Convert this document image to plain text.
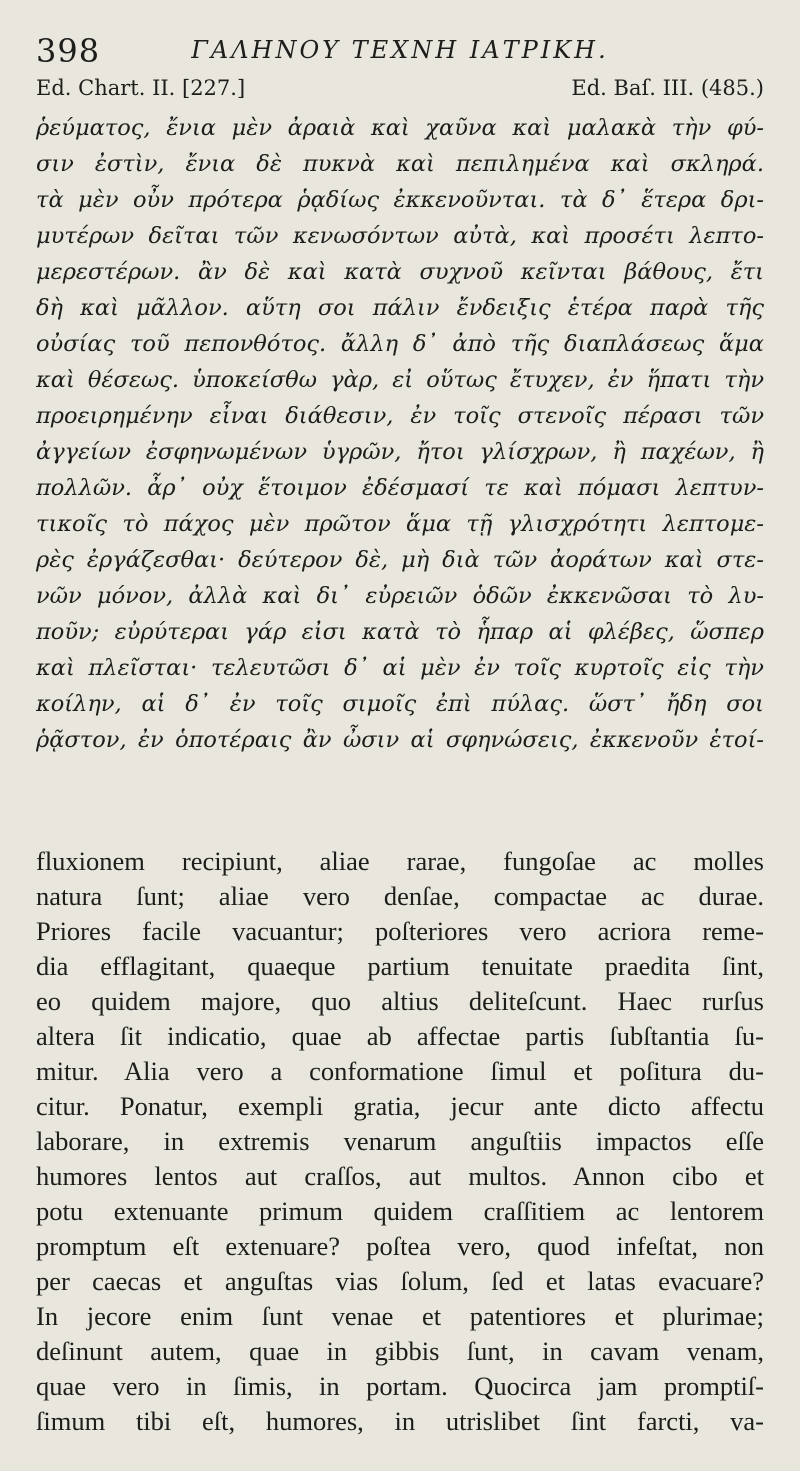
398	ΓΑΛΗΝΟΥ ΤΕΧΝΗ ΙΑΤΡΙΚΗ.
Ed. Chart. II. [227.]	Ed. Baſ. III. (485.)
ῥεύματος, ἔνια μὲν ἀραιὰ καὶ χαῦνα καὶ μαλακὰ τὴν φύ-
σιν ἐστὶν, ἔνια δὲ πυκνὰ καὶ πεπιλημένα καὶ σκληρά.
τὰ μὲν οὖν πρότερα ῥᾳδίως ἐκκενοῦνται. τὰ δ᾽ ἕτερα δρι-
μυτέρων δεῖται τῶν κενωσόντων αὐτὰ, καὶ προσέτι λεπτο-
μερεστέρων. ἂν δὲ καὶ κατὰ συχνοῦ κεῖνται βάθους, ἔτι
δὴ καὶ μᾶλλον. αὕτη σοι πάλιν ἔνδειξις ἑτέρα παρὰ τῆς
οὐσίας τοῦ πεπονθότος. ἄλλη δ᾽ ἀπὸ τῆς διαπλάσεως ἅμα
καὶ θέσεως. ὑποκείσθω γὰρ, εἰ οὕτως ἔτυχεν, ἐν ἥπατι τὴν
προειρημένην εἶναι διάθεσιν, ἐν τοῖς στενοῖς πέρασι τῶν
ἀγγείων ἐσφηνωμένων ὑγρῶν, ἤτοι γλίσχρων, ἢ παχέων, ἢ
πολλῶν. ἆρ᾽ οὐχ ἕτοιμον ἐδέσμασί τε καὶ πόμασι λεπτυν-
τικοῖς τὸ πάχος μὲν πρῶτον ἅμα τῇ γλισχρότητι λεπτομε-
ρὲς ἐργάζεσθαι· δεύτερον δὲ, μὴ διὰ τῶν ἀοράτων καὶ στε-
νῶν μόνον, ἀλλὰ καὶ δι᾽ εὐρειῶν ὁδῶν ἐκκενῶσαι τὸ λυ-
ποῦν; εὐρύτεραι γάρ εἰσι κατὰ τὸ ἧπαρ αἱ φλέβες, ὥσπερ
καὶ πλεῖσται· τελευτῶσι δ᾽ αἱ μὲν ἐν τοῖς κυρτοῖς εἰς τὴν
κοίλην, αἱ δ᾽ ἐν τοῖς σιμοῖς ἐπὶ πύλας. ὥστ᾽ ἤδη σοι
ῥᾷστον, ἐν ὁποτέραις ἂν ὦσιν αἱ σφηνώσεις, ἐκκενοῦν ἑτοί-
fluxionem recipiunt, aliae rarae, fungoſae ac molles
natura ſunt; aliae vero denſae, compactae ac durae.
Priores facile vacuantur; poſteriores vero acriora reme-
dia efflagitant, quaeque partium tenuitate praedita ſint,
eo quidem majore, quo altius deliteſcunt. Haec rurſus
altera ſit indicatio, quae ab affectae partis ſubſtantia ſu-
mitur. Alia vero a conformatione ſimul et poſitura du-
citur. Ponatur, exempli gratia, jecur ante dicto affectu
laborare, in extremis venarum anguſtiis impactos eſſe
humores lentos aut craſſos, aut multos. Annon cibo et
potu extenuante primum quidem craſſitiem ac lentorem
promptum eſt extenuare? poſtea vero, quod infeſtat, non
per caecas et anguſtas vias ſolum, ſed et latas evacuare?
In jecore enim ſunt venae et patentiores et plurimae;
deſinunt autem, quae in gibbis ſunt, in cavam venam,
quae vero in ſimis, in portam. Quocirca jam promptiſ-
ſimum tibi eſt, humores, in utrislibet ſint farcti, va-
